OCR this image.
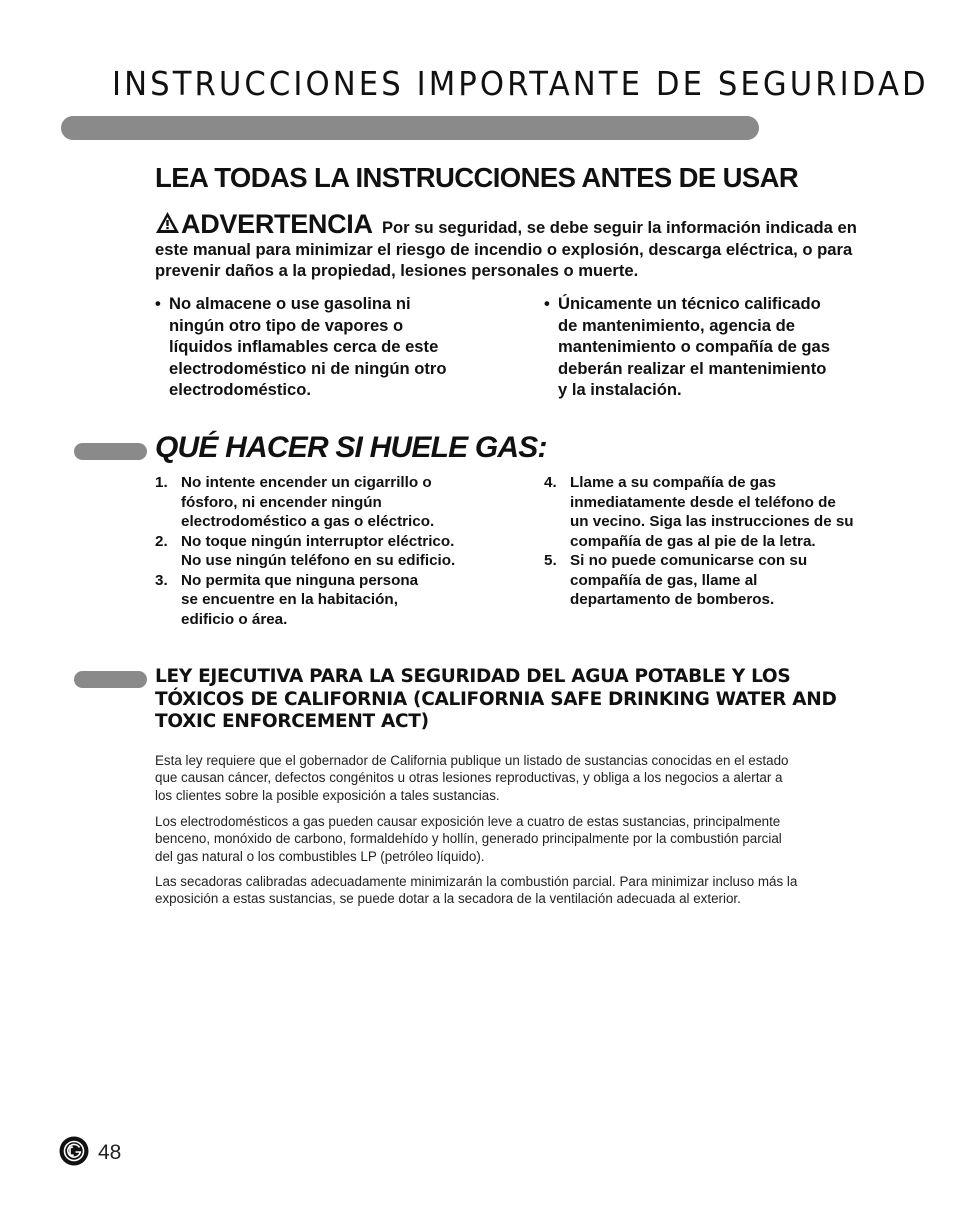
INSTRUCCIONES IMPORTANTE DE SEGURIDAD
LEA TODAS LA INSTRUCCIONES ANTES DE USAR
ADVERTENCIA Por su seguridad, se debe seguir la información indicada en este manual para minimizar el riesgo de incendio o explosión, descarga eléctrica, o para prevenir daños a la propiedad, lesiones personales o muerte.
• No almacene o use gasolina ni
ningún otro tipo de vapores o
líquidos inflamables cerca de este
electrodoméstico ni de ningún otro
electrodoméstico.
• Únicamente un técnico calificado
de mantenimiento, agencia de
mantenimiento o compañía de gas
deberán realizar el mantenimiento
y la instalación.
QUÉ HACER SI HUELE GAS:
1. No intente encender un cigarrillo o
fósforo, ni encender ningún
electrodoméstico a gas o eléctrico.
2. No toque ningún interruptor eléctrico.
No use ningún teléfono en su edificio.
3. No permita que ninguna persona
se encuentre en la habitación,
edificio o área.
4. Llame a su compañía de gas
inmediatamente desde el teléfono de
un vecino. Siga las instrucciones de su
compañía de gas al pie de la letra.
5. Si no puede comunicarse con su
compañía de gas, llame al
departamento de bomberos.
LEY EJECUTIVA PARA LA SEGURIDAD DEL AGUA POTABLE Y LOS
TÓXICOS DE CALIFORNIA (CALIFORNIA SAFE DRINKING WATER AND
TOXIC ENFORCEMENT ACT)
Esta ley requiere que el gobernador de California publique un listado de sustancias conocidas en el estado
que causan cáncer, defectos congénitos u otras lesiones reproductivas, y obliga a los negocios a alertar a
los clientes sobre la posible exposición a tales sustancias.
Los electrodomésticos a gas pueden causar exposición leve a cuatro de estas sustancias, principalmente
benceno, monóxido de carbono, formaldehído y hollín, generado principalmente por la combustión parcial
del gas natural o los combustibles LP (petróleo líquido).
Las secadoras calibradas adecuadamente minimizarán la combustión parcial. Para minimizar incluso más la
exposición a estas sustancias, se puede dotar a la secadora de la ventilación adecuada al exterior.
48
